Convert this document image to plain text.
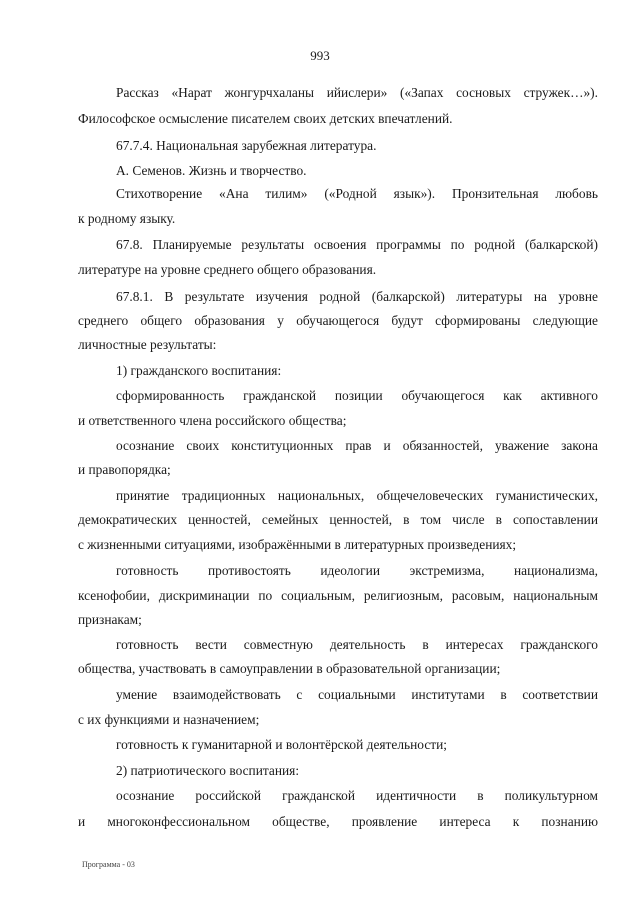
993
Рассказ «Нарат жонгурчхаланы ийислери» («Запах сосновых стружек…»).
Философское осмысление писателем своих детских впечатлений.
67.7.4. Национальная зарубежная литература.
А. Семенов. Жизнь и творчество.
Стихотворение «Ана тилим» («Родной язык»). Пронзительная любовь
к родному языку.
67.8. Планируемые результаты освоения программы по родной (балкарской)
литературе на уровне среднего общего образования.
67.8.1. В результате изучения родной (балкарской) литературы на уровне
среднего общего образования у обучающегося будут сформированы следующие
личностные результаты:
1) гражданского воспитания:
сформированность гражданской позиции обучающегося как активного
и ответственного члена российского общества;
осознание своих конституционных прав и обязанностей, уважение закона
и правопорядка;
принятие традиционных национальных, общечеловеческих гуманистических,
демократических ценностей, семейных ценностей, в том числе в сопоставлении
с жизненными ситуациями, изображёнными в литературных произведениях;
готовность противостоять идеологии экстремизма, национализма,
ксенофобии, дискриминации по социальным, религиозным, расовым, национальным
признакам;
готовность вести совместную деятельность в интересах гражданского
общества, участвовать в самоуправлении в образовательной организации;
умение взаимодействовать с социальными институтами в соответствии
с их функциями и назначением;
готовность к гуманитарной и волонтёрской деятельности;
2) патриотического воспитания:
осознание российской гражданской идентичности в поликультурном
и многоконфессиональном обществе, проявление интереса к познанию
Программа - 03
